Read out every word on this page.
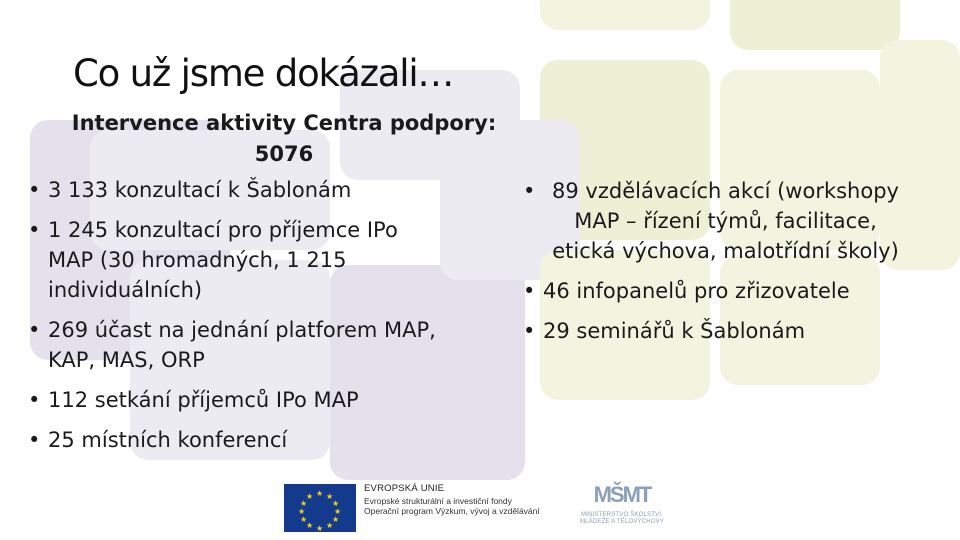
Co už jsme dokázali…
Intervence aktivity Centra podpory: 5076
• 3 133 konzultací k Šablonám
• 1 245 konzultací pro příjemce IPo MAP (30 hromadných, 1 215 individuálních)
• 269 účast na jednání platforem MAP, KAP, MAS, ORP
• 112 setkání příjemců IPo MAP
• 25 místních konferencí
• 89 vzdělávacích akcí (workshopy MAP – řízení týmů, facilitace, etická výchova, malotřídní školy)
• 46 infopanelů pro zřizovatele
• 29 seminářů k Šablonám
★ ★
★
★
★
★
★
★
★
★
★
★
EVROPSKÁ UNIE
Evropské strukturální a investiční fondy
Operační program Výzkum, vývoj a vzdělávání
MŠMT
MINISTERSTVO ŠKOLSTVÍ,
MLÁDEŽE A TĚLOVÝCHOVY
